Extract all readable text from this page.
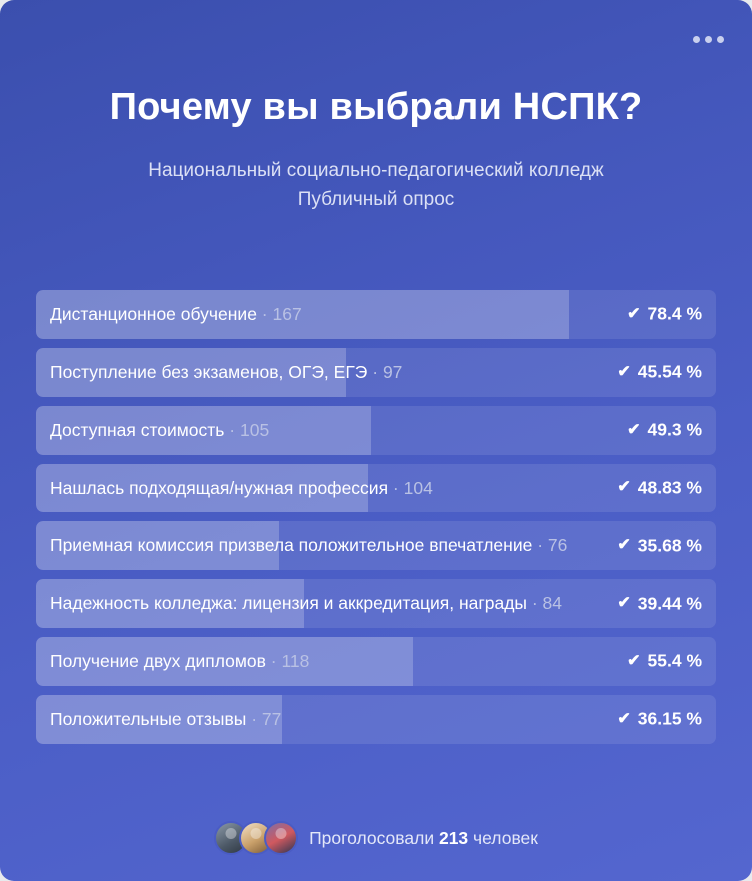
Почему вы выбрали НСПК?
Национальный социально-педагогический колледж
Публичный опрос
Дистанционное обучение · 167	✔ 78.4 %
Поступление без экзаменов, ОГЭ, ЕГЭ · 97	✔ 45.54 %
Доступная стоимость · 105	✔ 49.3 %
Нашлась подходящая/нужная профессия · 104	✔ 48.83 %
Приемная комиссия призвела положительное впечатление · 76	✔ 35.68 %
Надежность колледжа: лицензия и аккредитация, награды · 84	✔ 39.44 %
Получение двух дипломов · 118	✔ 55.4 %
Положительные отзывы · 77	✔ 36.15 %
Проголосовали 213 человек
